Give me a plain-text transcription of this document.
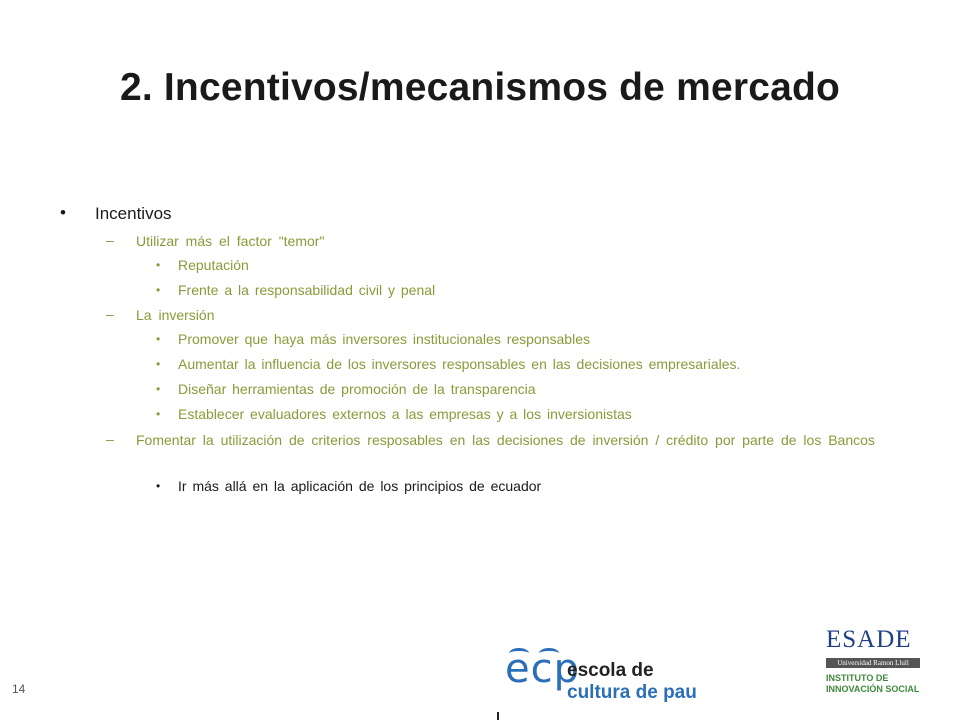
2. Incentivos/mecanismos de mercado
• Incentivos
– Utilizar más el factor "temor"
• Reputación
• Frente a la responsabilidad civil y penal
– La inversión
• Promover que haya más inversores institucionales responsables
• Aumentar la influencia de los inversores responsables en las decisiones empresariales.
• Diseñar herramientas de promoción de la transparencia
• Establecer evaluadores externos a las empresas y a los inversionistas
– Fomentar la utilización de criterios resposables en las decisiones de inversión / crédito por parte de los Bancos
• Ir más allá en la aplicación de los principios de ecuador
14	ecp
escola de
cultura de pau
ESADE
Universidad Ramon Llull
INSTITUTO DE INNOVACIÓN SOCIAL
